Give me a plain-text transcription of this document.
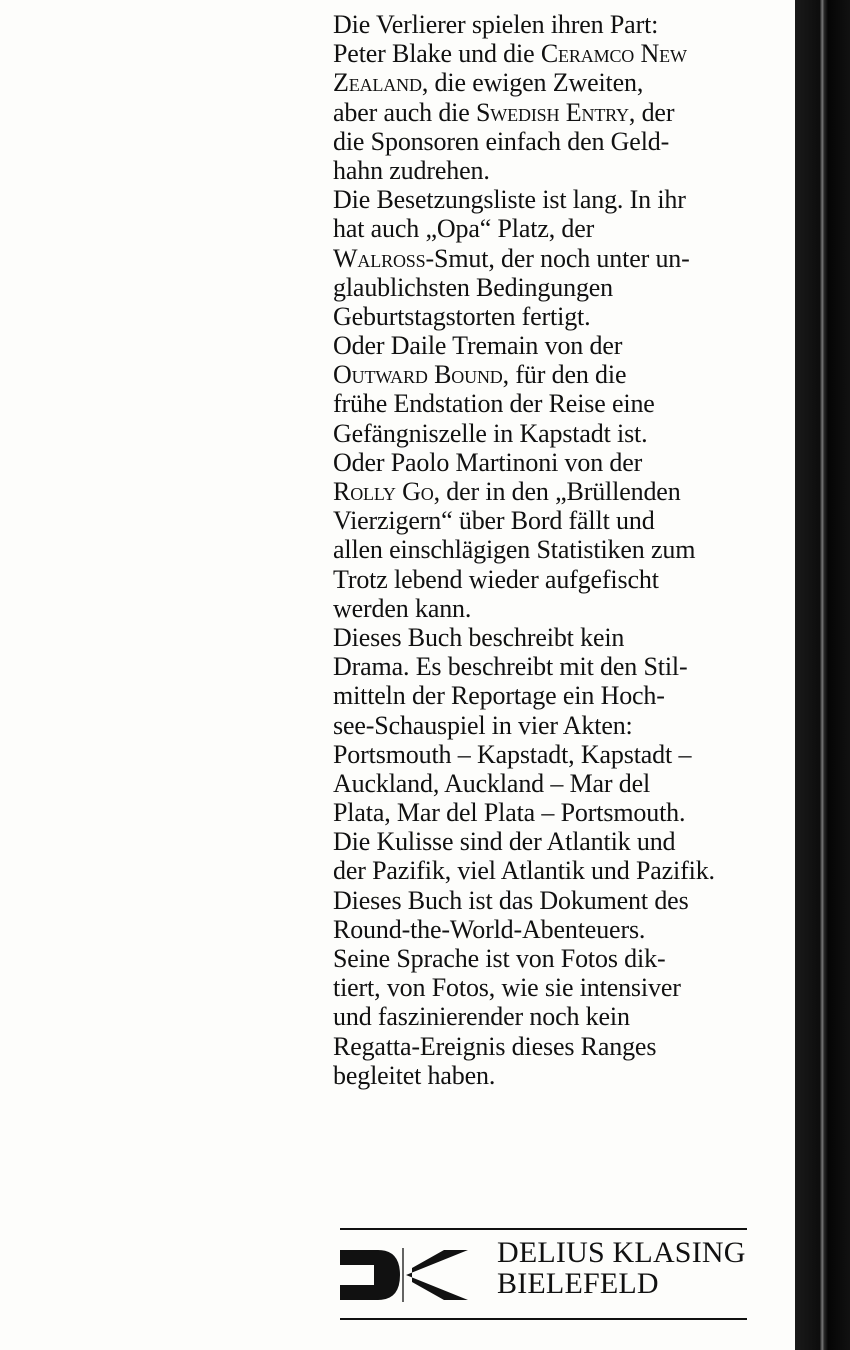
Die Verlierer spielen ihren Part:
Peter Blake und die Ceramco New
Zealand, die ewigen Zweiten,
aber auch die Swedish Entry, der
die Sponsoren einfach den Geld-
hahn zudrehen.
Die Besetzungsliste ist lang. In ihr
hat auch „Opa“ Platz, der
Walross-Smut, der noch unter un-
glaublichsten Bedingungen
Geburtstagstorten fertigt.
Oder Daile Tremain von der
Outward Bound, für den die
frühe Endstation der Reise eine
Gefängniszelle in Kapstadt ist.
Oder Paolo Martinoni von der
Rolly Go, der in den „Brüllenden
Vierzigern“ über Bord fällt und
allen einschlägigen Statistiken zum
Trotz lebend wieder aufgefischt
werden kann.
Dieses Buch beschreibt kein
Drama. Es beschreibt mit den Stil-
mitteln der Reportage ein Hoch-
see-Schauspiel in vier Akten:
Portsmouth – Kapstadt, Kapstadt –
Auckland, Auckland – Mar del
Plata, Mar del Plata – Portsmouth.
Die Kulisse sind der Atlantik und
der Pazifik, viel Atlantik und Pazifik.
Dieses Buch ist das Dokument des
Round-the-World-Abenteuers.
Seine Sprache ist von Fotos dik-
tiert, von Fotos, wie sie intensiver
und faszinierender noch kein
Regatta-Ereignis dieses Ranges
begleitet haben.
DELIUS KLASING
BIELEFELD
